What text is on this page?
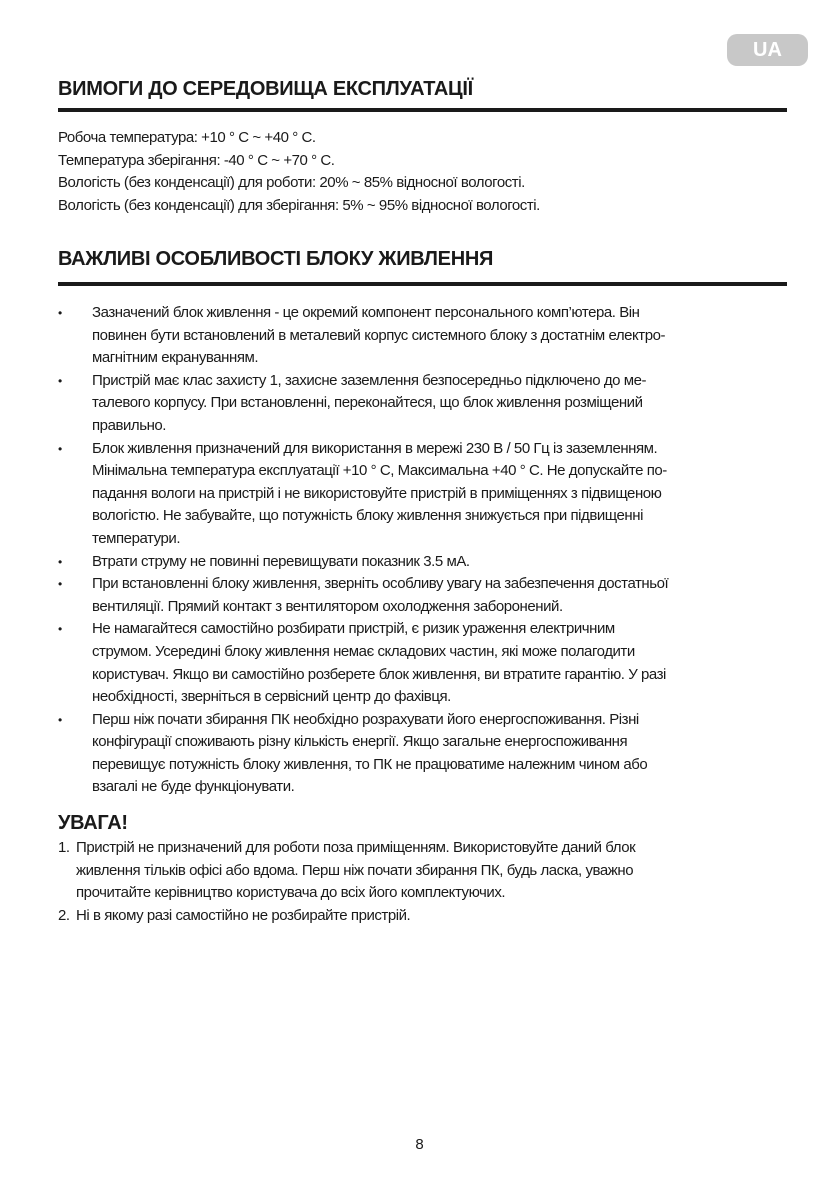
UA
ВИМОГИ ДО СЕРЕДОВИЩА ЕКСПЛУАТАЦІЇ
Робоча температура: +10 ° C ~ +40 ° C.
Температура зберігання: -40 ° C ~ +70 ° C.
Вологість (без конденсації) для роботи: 20% ~ 85% відносної вологості.
Вологість (без конденсації) для зберігання: 5% ~ 95% відносної вологості.
ВАЖЛИВІ ОСОБЛИВОСТІ БЛОКУ ЖИВЛЕННЯ
• Зазначений блок живлення - це окремий компонент персонального комп’ютера. Він
повинен бути встановлений в металевий корпус системного блоку з достатнім електро-
магнітним екрануванням.
• Пристрій має клас захисту 1, захисне заземлення безпосередньо підключено до ме-
талевого корпусу. При встановленні, переконайтеся, що блок живлення розміщений
правильно.
• Блок живлення призначений для використання в мережі 230 В / 50 Гц із заземленням.
Мінімальна температура експлуатації +10 ° С, Максимальна +40 ° С. Не допускайте по-
падання вологи на пристрій і не використовуйте пристрій в приміщеннях з підвищеною
вологістю. Не забувайте, що потужність блоку живлення знижується при підвищенні
температури.
• Втрати струму не повинні перевищувати показник 3.5 мА.
• При встановленні блоку живлення, зверніть особливу увагу на забезпечення достатньої
вентиляції. Прямий контакт з вентилятором охолодження заборонений.
• Не намагайтеся самостійно розбирати пристрій, є ризик ураження електричним
струмом. Усередині блоку живлення немає складових частин, які може полагодити
користувач. Якщо ви самостійно розберете блок живлення, ви втратите гарантію. У разі
необхідності, зверніться в сервісний центр до фахівця.
• Перш ніж почати збирання ПК необхідно розрахувати його енергоспоживання. Різні
конфігурації споживають різну кількість енергії. Якщо загальне енергоспоживання
перевищує потужність блоку живлення, то ПК не працюватиме належним чином або
взагалі не буде функціонувати.
УВАГА!
1. Пристрій не призначений для роботи поза приміщенням. Використовуйте даний блок
живлення тільків офісі або вдома. Перш ніж почати збирання ПК, будь ласка, уважно
прочитайте керівництво користувача до всіх його комплектуючих.
2. Ні в якому разі самостійно не розбирайте пристрій.
8
